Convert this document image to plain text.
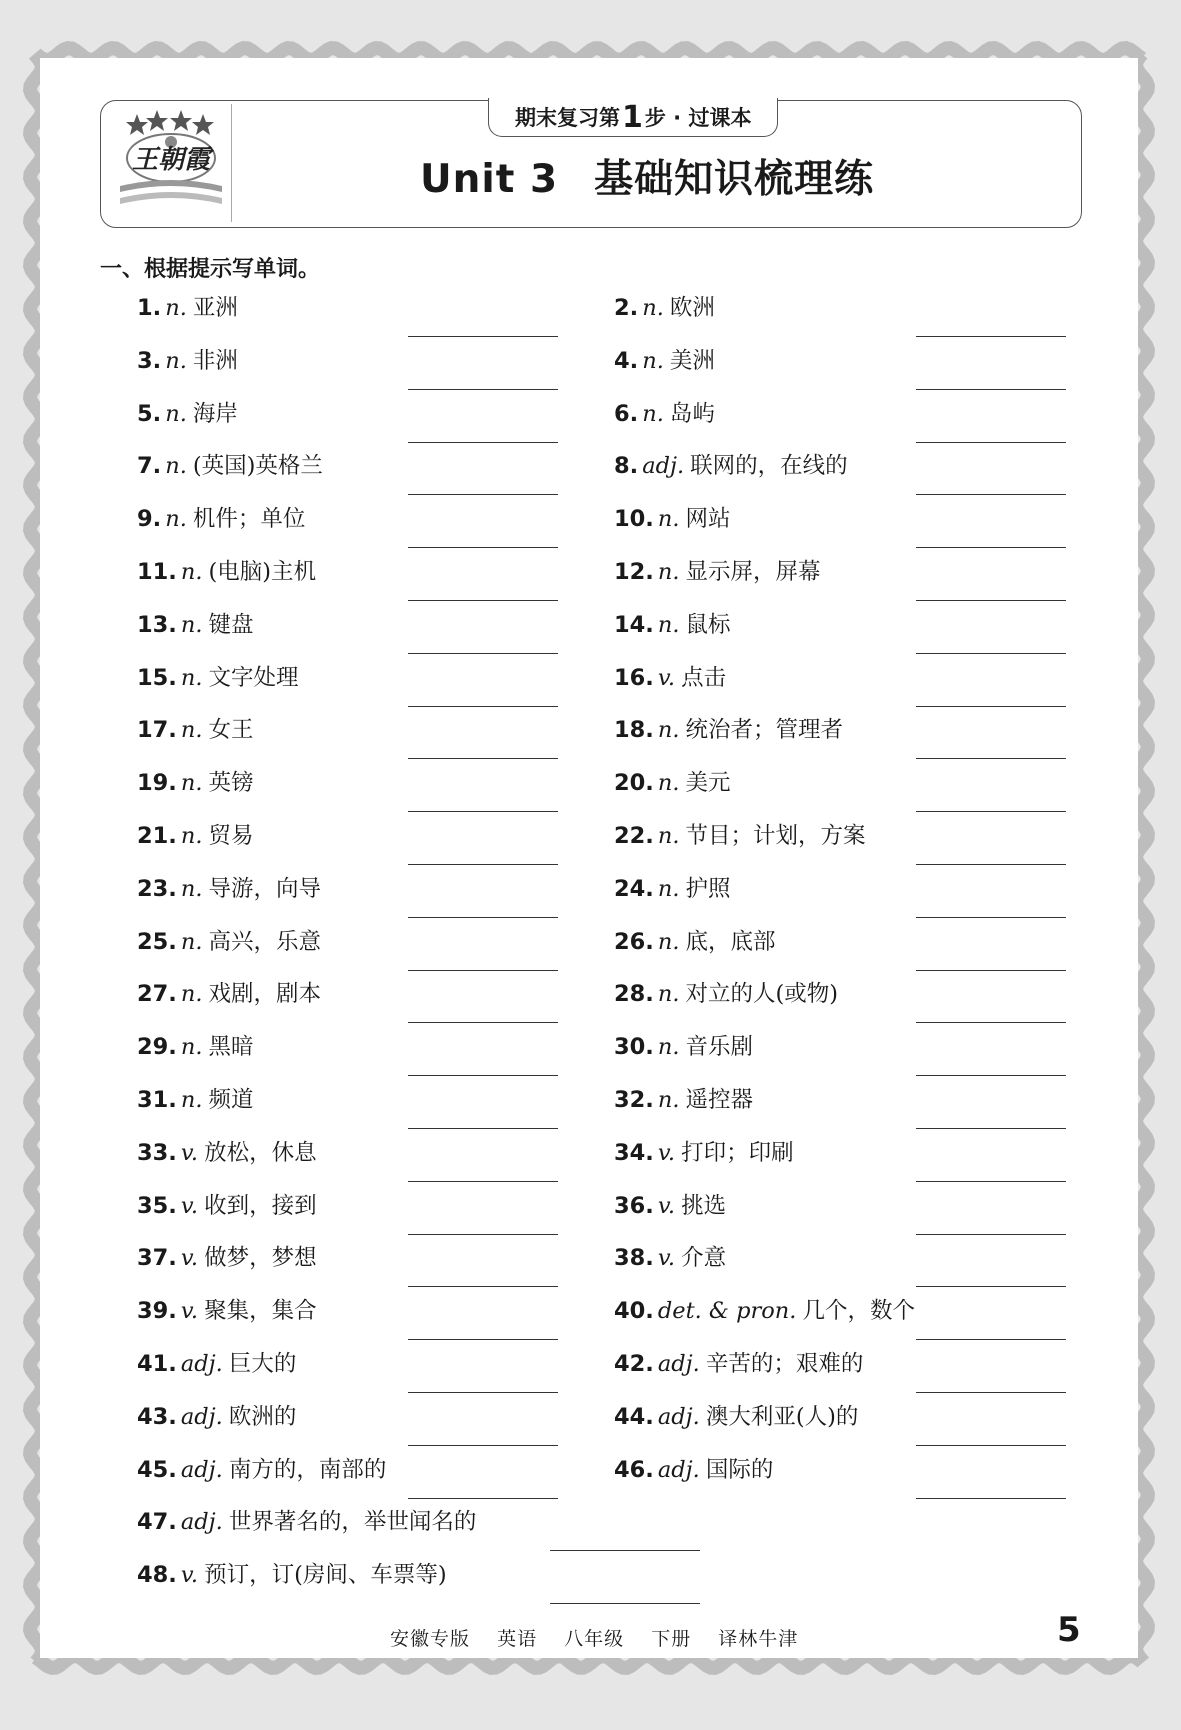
王朝霞
期末复习第 1 步 · 过课本
Unit 3 基础知识梳理练
一、根据提示写单词。
1. n. 亚洲	2. n. 欧洲
3. n. 非洲	4. n. 美洲
5. n. 海岸	6. n. 岛屿
7. n. (英国)英格兰	8. adj. 联网的，在线的
9. n. 机件；单位	10. n. 网站
11. n. (电脑)主机	12. n. 显示屏，屏幕
13. n. 键盘	14. n. 鼠标
15. n. 文字处理	16. v. 点击
17. n. 女王	18. n. 统治者；管理者
19. n. 英镑	20. n. 美元
21. n. 贸易	22. n. 节目；计划，方案
23. n. 导游，向导	24. n. 护照
25. n. 高兴，乐意	26. n. 底，底部
27. n. 戏剧，剧本	28. n. 对立的人(或物)
29. n. 黑暗	30. n. 音乐剧
31. n. 频道	32. n. 遥控器
33. v. 放松，休息	34. v. 打印；印刷
35. v. 收到，接到	36. v. 挑选
37. v. 做梦，梦想	38. v. 介意
39. v. 聚集，集合	40. det. & pron. 几个，数个
41. adj. 巨大的	42. adj. 辛苦的；艰难的
43. adj. 欧洲的	44. adj. 澳大利亚(人)的
45. adj. 南方的，南部的	46. adj. 国际的
47. adj. 世界著名的，举世闻名的
48. v. 预订，订(房间、车票等)
安徽专版 英语 八年级 下册 译林牛津	5
